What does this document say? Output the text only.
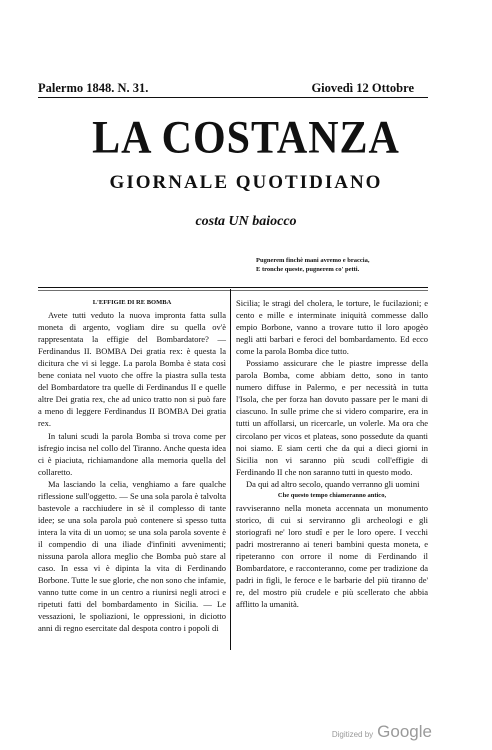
Palermo 1848. N. 31.	Giovedì 12 Ottobre
LA COSTANZA
GIORNALE QUOTIDIANO
costa UN baiocco
Pugnerem finchè mani avremo e braccia,
E tronche queste, pugnerem co' petti.

L'EFFIGIE DI RE BOMBA

Avete tutti veduto la nuova impronta fatta sulla moneta di argento, vogliam dire su quella ov'è rappresentata la effigie del Bombardatore? — Ferdinandus II. BOMBA Dei gratia rex: è questa la dicitura che vi si legge. La parola Bomba è stata così bene coniata nel vuoto che offre la piastra sulla testa del Bombardatore tra quelle di Ferdinandus II e quelle altre Dei gratia rex, che ad unico tratto non si può fare a meno di leggere Ferdinandus II BOMBA Dei gratia rex.

In taluni scudi la parola Bomba si trova come per isfregio incisa nel collo del Tiranno. Anche questa idea ci è piaciuta, richiamandone alla memoria quella del collaretto.

Ma lasciando la celia, venghiamo a fare qualche riflessione sull'oggetto. — Se una sola parola è talvolta bastevole a racchiudere in sè il complesso di tante idee; se una sola parola può contenere sì spesso tutta intera la vita di un uomo; se una sola parola sovente è il compendio di una iliade d'infiniti avvenimenti; nissuna parola allora meglio che Bomba può stare al caso. In essa vi è dipinta la vita di Ferdinando Borbone. Tutte le sue glorie, che non sono che infamie, vanno tutte come in un centro a riunirsi negli atroci e ripetuti fatti del bombardamento in Sicilia. — Le vessazioni, le spoliazioni, le oppressioni, in diciotto anni di regno esercitate dal despota contro i popoli di

Sicilia; le stragi del cholera, le torture, le fucilazioni; e cento e mille e interminate iniquità commesse dallo empio Borbone, vanno a trovare tutto il loro apogèo negli atti barbari e feroci del bombardamento. Ed ecco come la parola Bomba dice tutto.

Possiamo assicurare che le piastre impresse della parola Bomba, come abbiam detto, sono in tanto numero diffuse in Palermo, e per necessità in tutta l'Isola, che per forza han dovuto passare per le mani di ciascuno. In sulle prime che si videro comparire, era in tutti un affollarsi, un ricercarle, un volerle. Ma ora che circolano per vicos et plateas, sono possedute da quanti noi siamo. E siam certi che da qui a dieci giorni in Sicilia non vi saranno più scudi coll'effigie di Ferdinando II che non saranno tutti in questo modo.

Da qui ad altro secolo, quando verranno gli uomini

Che questo tempo chiameranno antico,

ravviseranno nella moneta accennata un monumento storico, di cui si serviranno gli archeologi e gli storiografi ne' loro studî e per le loro opere. I vecchi padri mostreranno ai teneri bambini questa moneta, e ripeteranno con orrore il nome di Ferdinando il Bombardatore, e racconteranno, come per tradizione da padri in figli, le feroce e le barbarie del più tiranno de' re, del mostro più crudele e più scellerato che abbia afflitto la umanità.

Digitized by Google
